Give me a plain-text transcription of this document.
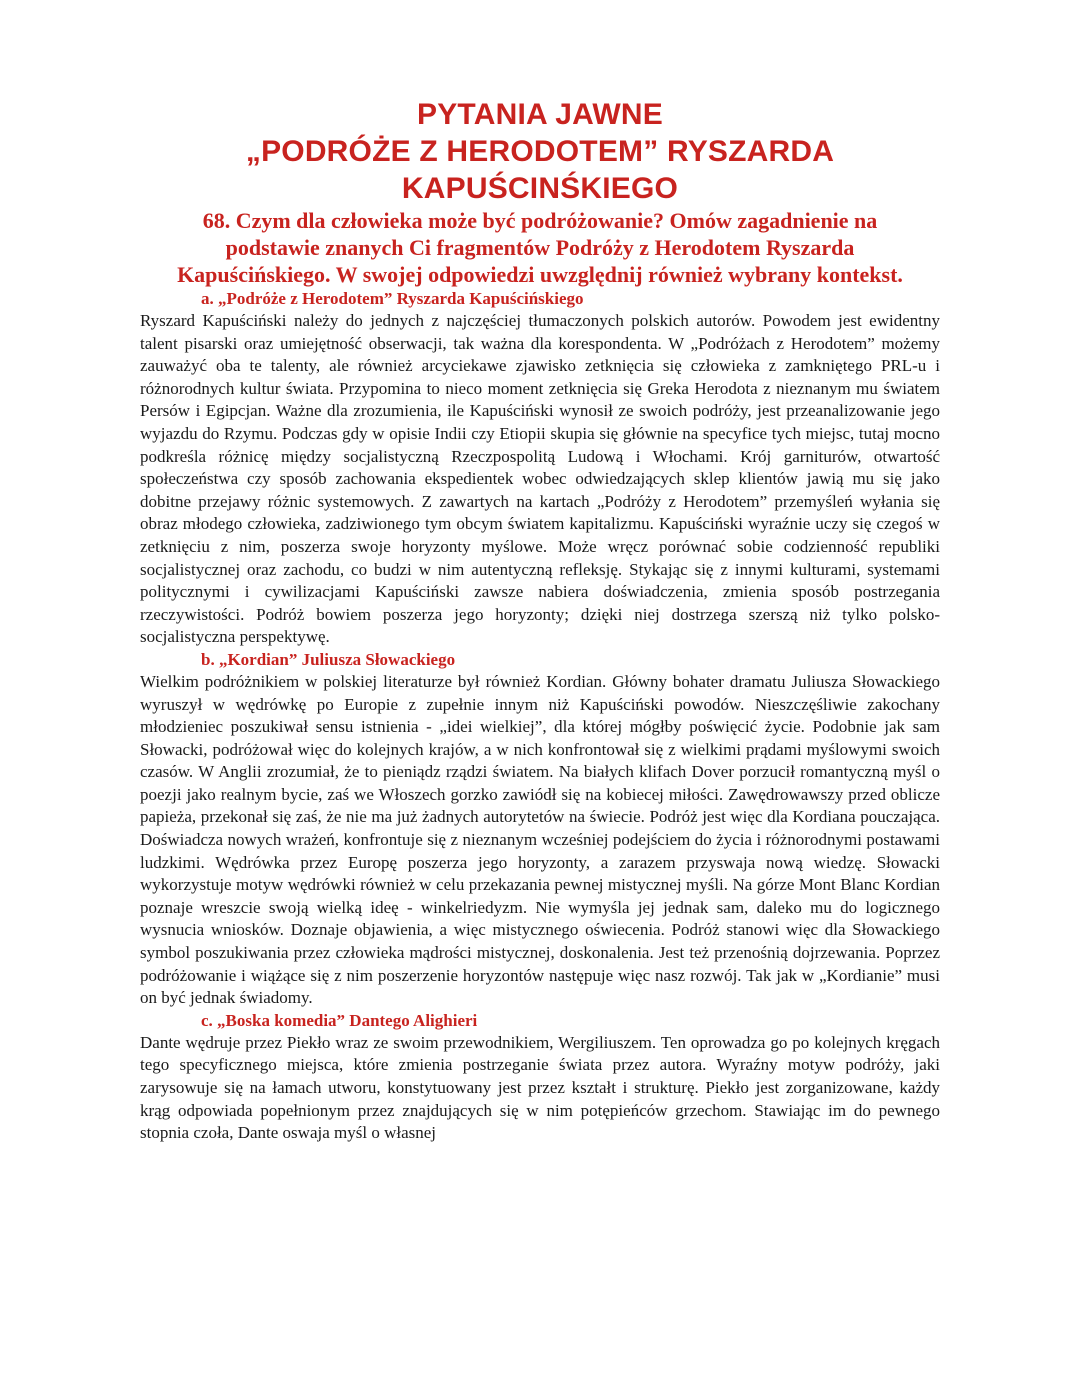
PYTANIA JAWNE
„PODRÓŻE Z HERODOTEM” RYSZARDA
KAPUŚCINŚKIEGO

68. Czym dla człowieka może być podróżowanie? Omów zagadnienie na podstawie znanych Ci fragmentów Podróży z Herodotem Ryszarda Kapuścińskiego. W swojej odpowiedzi uwzględnij również wybrany kontekst.

a. „Podróże z Herodotem” Ryszarda Kapuścińskiego

Ryszard Kapuściński należy do jednych z najczęściej tłumaczonych polskich autorów. Powodem jest ewidentny talent pisarski oraz umiejętność obserwacji, tak ważna dla korespondenta. W „Podróżach z Herodotem” możemy zauważyć oba te talenty, ale również arcyciekawe zjawisko zetknięcia się człowieka z zamkniętego PRL-u i różnorodnych kultur świata. Przypomina to nieco moment zetknięcia się Greka Herodota z nieznanym mu światem Persów i Egipcjan. Ważne dla zrozumienia, ile Kapuściński wynosił ze swoich podróży, jest przeanalizowanie jego wyjazdu do Rzymu. Podczas gdy w opisie Indii czy Etiopii skupia się głównie na specyfice tych miejsc, tutaj mocno podkreśla różnicę między socjalistyczną Rzeczpospolitą Ludową i Włochami. Krój garniturów, otwartość społeczeństwa czy sposób zachowania ekspedientek wobec odwiedzających sklep klientów jawią mu się jako dobitne przejawy różnic systemowych. Z zawartych na kartach „Podróży z Herodotem” przemyśleń wyłania się obraz młodego człowieka, zadziwionego tym obcym światem kapitalizmu. Kapuściński wyraźnie uczy się czegoś w zetknięciu z nim, poszerza swoje horyzonty myślowe. Może wręcz porównać sobie codzienność republiki socjalistycznej oraz zachodu, co budzi w nim autentyczną refleksję. Stykając się z innymi kulturami, systemami politycznymi i cywilizacjami Kapuściński zawsze nabiera doświadczenia, zmienia sposób postrzegania rzeczywistości. Podróż bowiem poszerza jego horyzonty; dzięki niej dostrzega szerszą niż tylko polsko-socjalistyczna perspektywę.

b. „Kordian” Juliusza Słowackiego

Wielkim podróżnikiem w polskiej literaturze był również Kordian. Główny bohater dramatu Juliusza Słowackiego wyruszył w wędrówkę po Europie z zupełnie innym niż Kapuściński powodów. Nieszczęśliwie zakochany młodzieniec poszukiwał sensu istnienia - „idei wielkiej”, dla której mógłby poświęcić życie. Podobnie jak sam Słowacki, podróżował więc do kolejnych krajów, a w nich konfrontował się z wielkimi prądami myślowymi swoich czasów. W Anglii zrozumiał, że to pieniądz rządzi światem. Na białych klifach Dover porzucił romantyczną myśl o poezji jako realnym bycie, zaś we Włoszech gorzko zawiódł się na kobiecej miłości. Zawędrowawszy przed oblicze papieża, przekonał się zaś, że nie ma już żadnych autorytetów na świecie. Podróż jest więc dla Kordiana pouczająca. Doświadcza nowych wrażeń, konfrontuje się z nieznanym wcześniej podejściem do życia i różnorodnymi postawami ludzkimi. Wędrówka przez Europę poszerza jego horyzonty, a zarazem przyswaja nową wiedzę. Słowacki wykorzystuje motyw wędrówki również w celu przekazania pewnej mistycznej myśli. Na górze Mont Blanc Kordian poznaje wreszcie swoją wielką ideę - winkelriedyzm. Nie wymyśla jej jednak sam, daleko mu do logicznego wysnucia wniosków. Doznaje objawienia, a więc mistycznego oświecenia. Podróż stanowi więc dla Słowackiego symbol poszukiwania przez człowieka mądrości mistycznej, doskonalenia. Jest też przenośnią dojrzewania. Poprzez podróżowanie i wiążące się z nim poszerzenie horyzontów następuje więc nasz rozwój. Tak jak w „Kordianie” musi on być jednak świadomy.

c. „Boska komedia” Dantego Alighieri

Dante wędruje przez Piekło wraz ze swoim przewodnikiem, Wergiliuszem. Ten oprowadza go po kolejnych kręgach tego specyficznego miejsca, które zmienia postrzeganie świata przez autora. Wyraźny motyw podróży, jaki zarysowuje się na łamach utworu, konstytuowany jest przez kształt i strukturę. Piekło jest zorganizowane, każdy krąg odpowiada popełnionym przez znajdujących się w nim potępieńców grzechom. Stawiając im do pewnego stopnia czoła, Dante oswaja myśl o własnej
